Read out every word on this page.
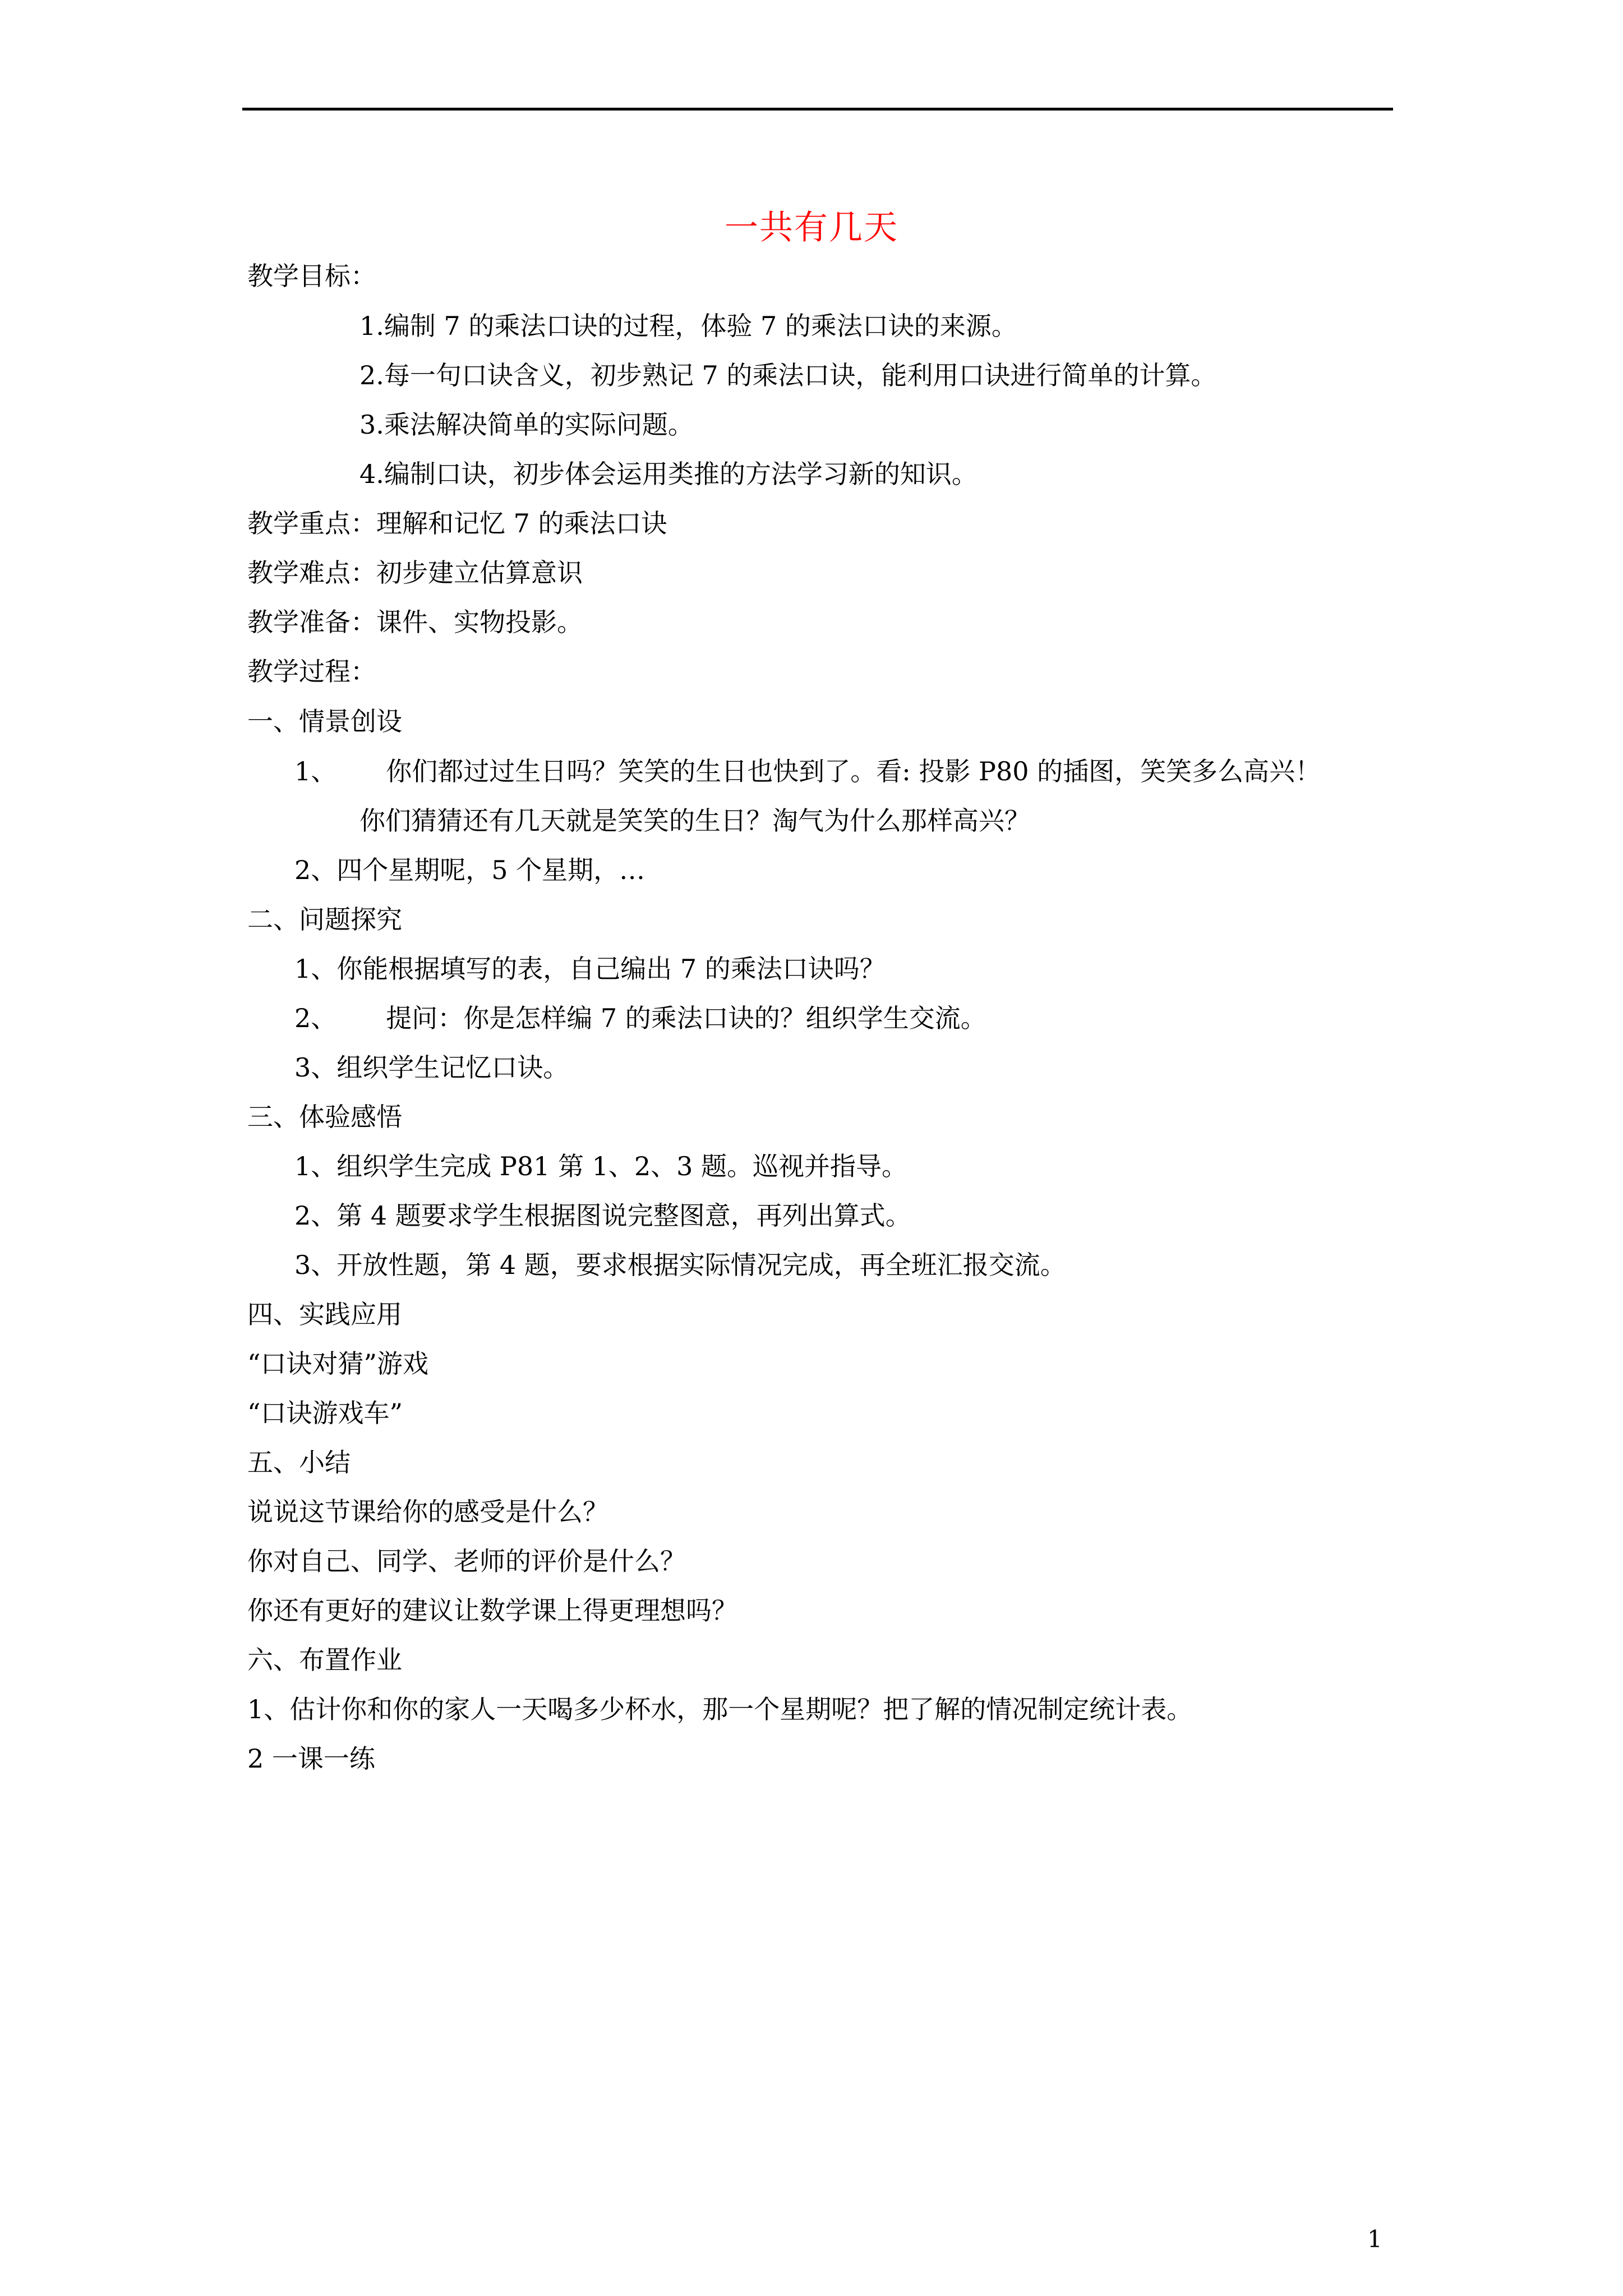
一共有几天
教学目标：
1.编制 7 的乘法口诀的过程，体验 7 的乘法口诀的来源。
2.每一句口诀含义，初步熟记 7 的乘法口诀，能利用口诀进行简单的计算。
3.乘法解决简单的实际问题。
4.编制口诀，初步体会运用类推的方法学习新的知识。
教学重点：理解和记忆 7 的乘法口诀
教学难点：初步建立估算意识
教学准备：课件、实物投影。
教学过程：
一、情景创设
1、 你们都过过生日吗？笑笑的生日也快到了。看: 投影 P80 的插图，笑笑多么高兴！
你们猜猜还有几天就是笑笑的生日？淘气为什么那样高兴？
2、四个星期呢，5 个星期，…
二、问题探究
1、你能根据填写的表，自己编出 7 的乘法口诀吗？
2、 提问：你是怎样编 7 的乘法口诀的？组织学生交流。
3、组织学生记忆口诀。
三、体验感悟
1、组织学生完成 P81 第 1、2、3 题。巡视并指导。
2、第 4 题要求学生根据图说完整图意，再列出算式。
3、开放性题，第 4 题，要求根据实际情况完成，再全班汇报交流。
四、实践应用
“口诀对猜”游戏
“口诀游戏车”
五、小结
说说这节课给你的感受是什么？
你对自己、同学、老师的评价是什么？
你还有更好的建议让数学课上得更理想吗？
六、布置作业
1、估计你和你的家人一天喝多少杯水，那一个星期呢？把了解的情况制定统计表。
2 一课一练
1
